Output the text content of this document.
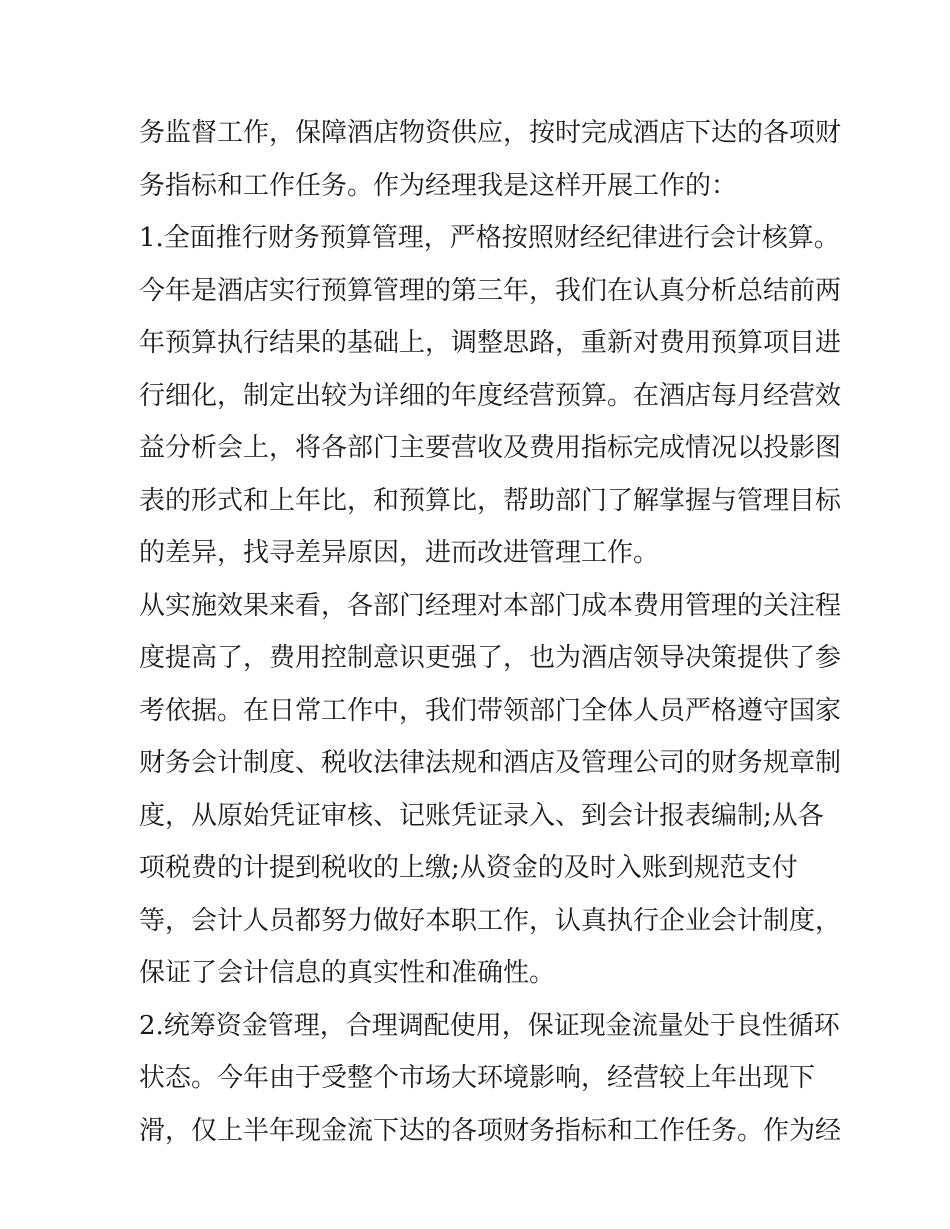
务监督工作，保障酒店物资供应，按时完成酒店下达的各项财
务指标和工作任务。作为经理我是这样开展工作的：
1.全面推行财务预算管理，严格按照财经纪律进行会计核算。
今年是酒店实行预算管理的第三年，我们在认真分析总结前两
年预算执行结果的基础上，调整思路，重新对费用预算项目进
行细化，制定出较为详细的年度经营预算。在酒店每月经营效
益分析会上，将各部门主要营收及费用指标完成情况以投影图
表的形式和上年比，和预算比，帮助部门了解掌握与管理目标
的差异，找寻差异原因，进而改进管理工作。
从实施效果来看，各部门经理对本部门成本费用管理的关注程
度提高了，费用控制意识更强了，也为酒店领导决策提供了参
考依据。在日常工作中，我们带领部门全体人员严格遵守国家
财务会计制度、税收法律法规和酒店及管理公司的财务规章制
度，从原始凭证审核、记账凭证录入、到会计报表编制;从各
项税费的计提到税收的上缴;从资金的及时入账到规范支付
等，会计人员都努力做好本职工作，认真执行企业会计制度，
保证了会计信息的真实性和准确性。
2.统筹资金管理，合理调配使用，保证现金流量处于良性循环
状态。今年由于受整个市场大环境影响，经营较上年出现下
滑，仅上半年现金流下达的各项财务指标和工作任务。作为经
